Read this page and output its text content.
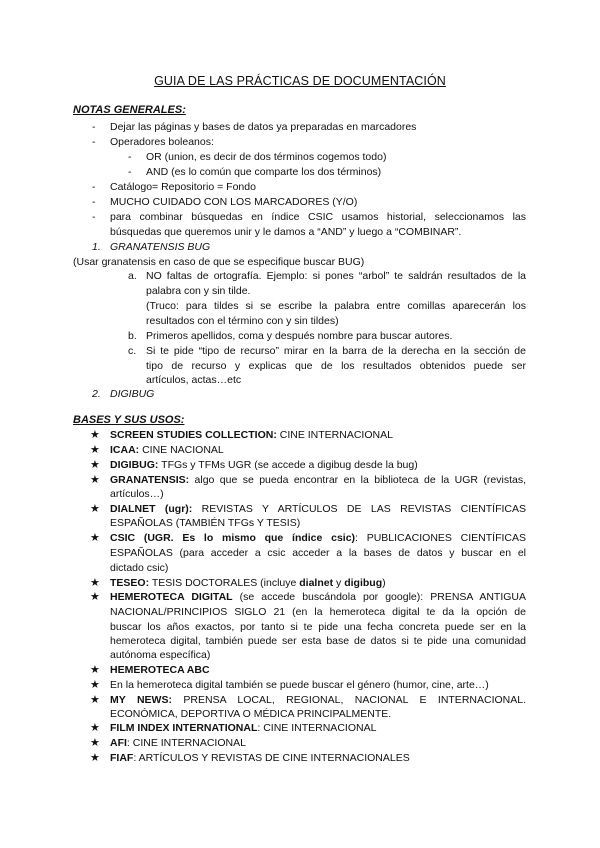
GUIA DE LAS PRÁCTICAS DE DOCUMENTACIÓN
NOTAS GENERALES:
- Dejar las páginas y bases de datos ya preparadas en marcadores
- Operadores boleanos:
- OR (union, es decir de dos términos cogemos todo)
- AND (es lo común que comparte los dos términos)
- Catálogo= Repositorio = Fondo
- MUCHO CUIDADO CON LOS MARCADORES (Y/O)
- para combinar búsquedas en índice CSIC usamos historial, seleccionamos las
búsquedas que queremos unir y le damos a “AND” y luego a “COMBINAR”.
1. GRANATENSIS BUG
(Usar granatensis en caso de que se especifique buscar BUG)
a. NO faltas de ortografía. Ejemplo: si pones “arbol” te saldrán resultados de la
palabra con y sin tilde.
(Truco: para tildes si se escribe la palabra entre comillas aparecerán los
resultados con el término con y sin tildes)
b. Primeros apellidos, coma y después nombre para buscar autores.
c. Si te pide “tipo de recurso” mirar en la barra de la derecha en la sección de
tipo de recurso y explicas que de los resultados obtenidos puede ser
artículos, actas…etc
2. DIGIBUG
BASES Y SUS USOS:
★ SCREEN STUDIES COLLECTION: CINE INTERNACIONAL
★ ICAA: CINE NACIONAL
★ DIGIBUG: TFGs y TFMs UGR (se accede a digibug desde la bug)
★ GRANATENSIS: algo que se pueda encontrar en la biblioteca de la UGR (revistas,
artículos…)
★ DIALNET (ugr): REVISTAS Y ARTÍCULOS DE LAS REVISTAS CIENTÍFICAS
ESPAÑOLAS (TAMBIÉN TFGs Y TESIS)
★ CSIC (UGR. Es lo mismo que índice csic): PUBLICACIONES CIENTÍFICAS
ESPAÑOLAS (para acceder a csic acceder a la bases de datos y buscar en el
dictado csic)
★ TESEO: TESIS DOCTORALES (incluye dialnet y digibug)
★ HEMEROTECA DIGITAL (se accede buscándola por google): PRENSA ANTIGUA
NACIONAL/PRINCIPIOS SIGLO 21 (en la hemeroteca digital te da la opción de
buscar los años exactos, por tanto si te pide una fecha concreta puede ser en la
hemeroteca digital, también puede ser esta base de datos si te pide una comunidad
autónoma específica)
★ HEMEROTECA ABC
★ En la hemeroteca digital también se puede buscar el género (humor, cine, arte…)
★ MY NEWS: PRENSA LOCAL, REGIONAL, NACIONAL E INTERNACIONAL.
ECONÓMICA, DEPORTIVA O MÉDICA PRINCIPALMENTE.
★ FILM INDEX INTERNATIONAL: CINE INTERNACIONAL
★ AFI: CINE INTERNACIONAL
★ FIAF: ARTÍCULOS Y REVISTAS DE CINE INTERNACIONALES
